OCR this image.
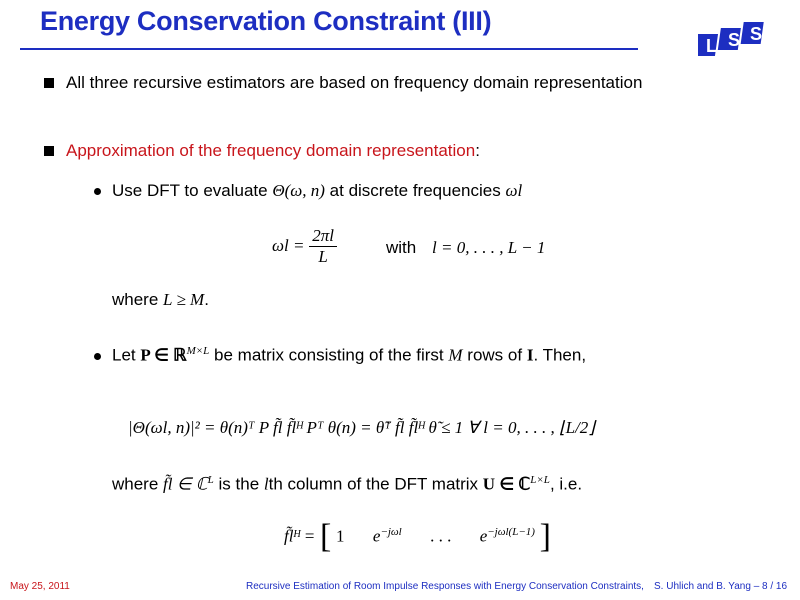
Energy Conservation Constraint (III)
L S S
All three recursive estimators are based on frequency domain representation
Approximation of the frequency domain representation:
Use DFT to evaluate Θ(ω, n) at discrete frequencies ωl
$\omega l = \frac{2\pi l}{L}$	with l = 0, . . . , L − 1
where L ≥ M.
Let P ∈ ℝ$^{M\times L}$ be matrix consisting of the first M rows of I. Then,
|Θ(ωl, n)|² = θ(n)ᵀ P f̃l f̃lᴴ Pᵀ θ(n) = θ̃ᵀ f̃l f̃lᴴ θ̃ ≤ 1 ∀ l = 0, . . . , ⌊L/2⌋
where f̃l ∈ ℂ$^L$ is the lth column of the DFT matrix U ∈ ℂ$^{L\times L}$, i.e.
f̃lᴴ = [ 1 $e^{-j\omega l}$ . . . $e^{-j\omega l(L-1)}$ ]
May 25, 2011	Recursive Estimation of Room Impulse Responses with Energy Conservation Constraints, S. Uhlich and B. Yang – 8 / 16
